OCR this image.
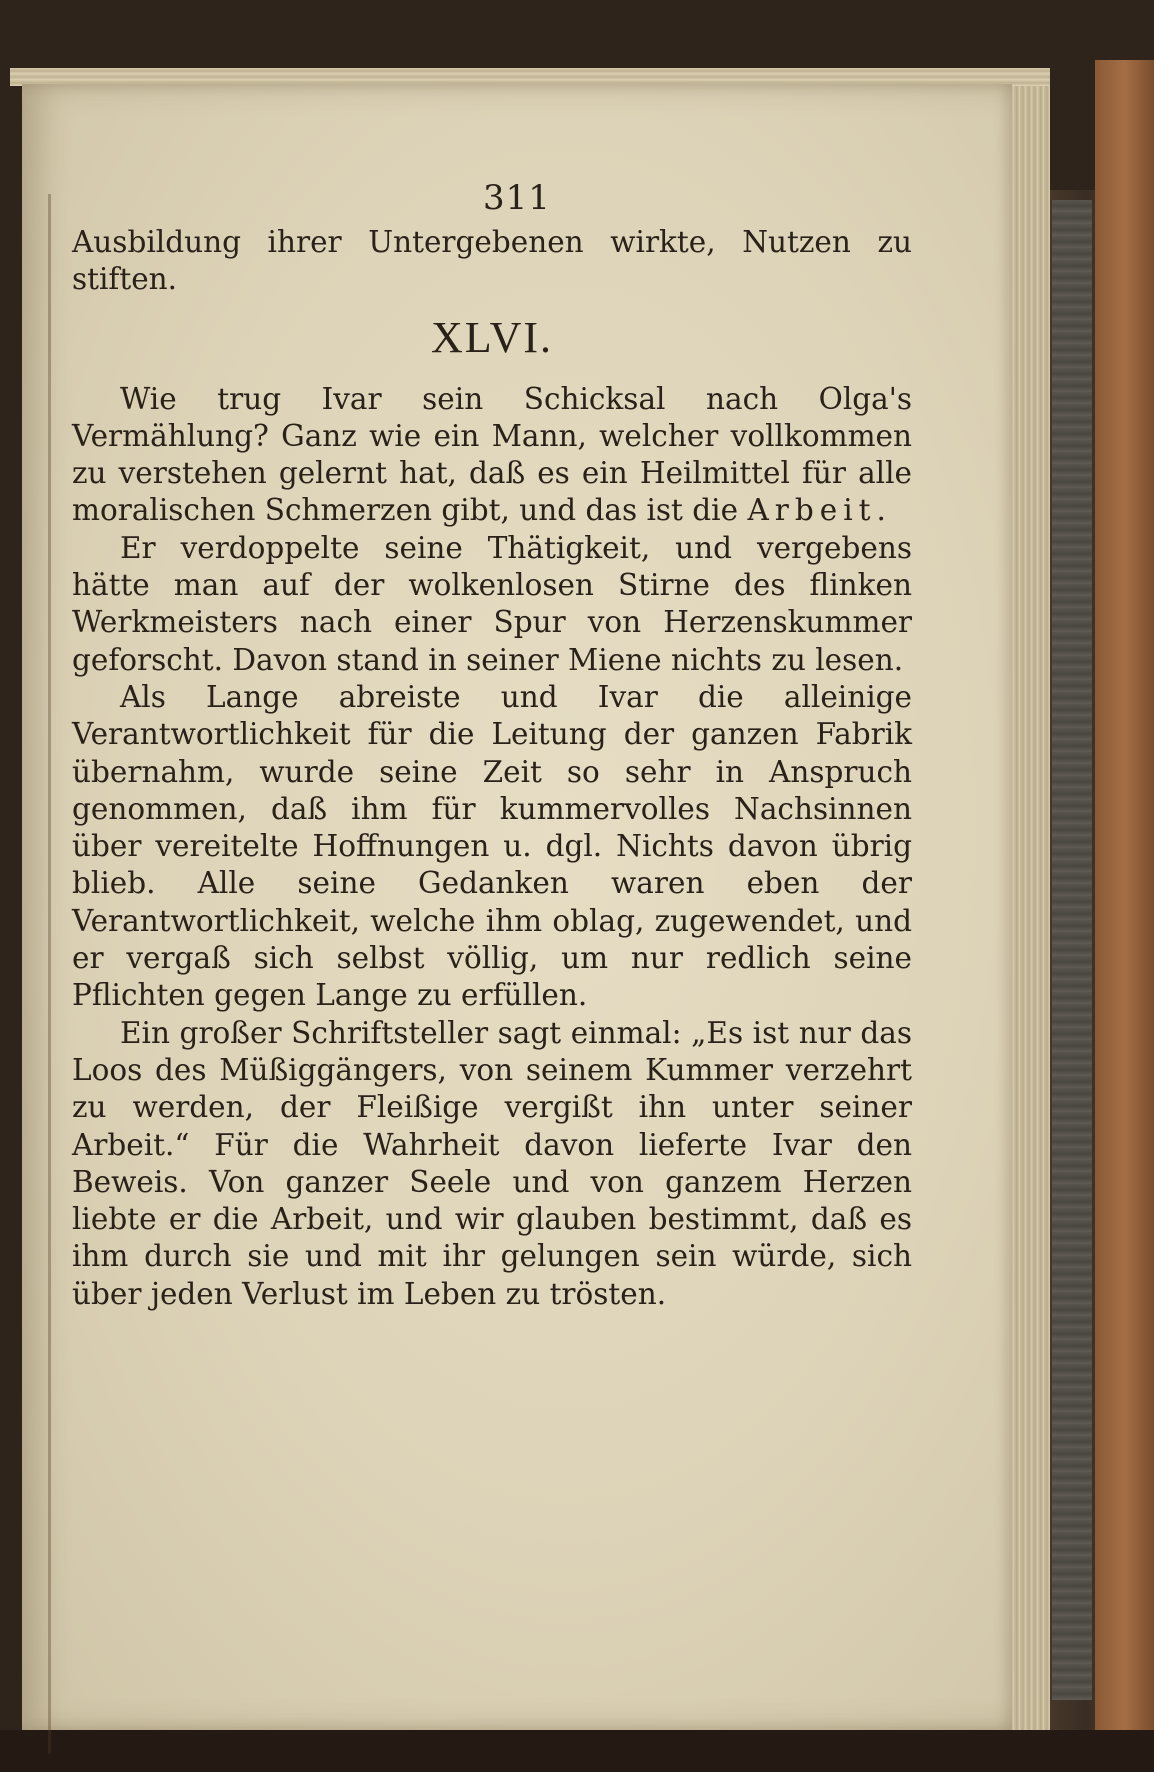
311

Ausbildung ihrer Untergebenen wirkte, Nutzen zu stiften.

XLVI.

Wie trug Ivar sein Schicksal nach Olga's Vermählung? Ganz wie ein Mann, welcher vollkommen zu verstehen gelernt hat, daß es ein Heilmittel für alle moralischen Schmerzen gibt, und das ist die Arbeit.

Er verdoppelte seine Thätigkeit, und vergebens hätte man auf der wolkenlosen Stirne des flinken Werkmeisters nach einer Spur von Herzenskummer geforscht. Davon stand in seiner Miene nichts zu lesen.

Als Lange abreiste und Ivar die alleinige Verantwortlichkeit für die Leitung der ganzen Fabrik übernahm, wurde seine Zeit so sehr in Anspruch genommen, daß ihm für kummervolles Nachsinnen über vereitelte Hoffnungen u. dgl. Nichts davon übrig blieb. Alle seine Gedanken waren eben der Verantwortlichkeit, welche ihm oblag, zugewendet, und er vergaß sich selbst völlig, um nur redlich seine Pflichten gegen Lange zu erfüllen.

Ein großer Schriftsteller sagt einmal: „Es ist nur das Loos des Müßiggängers, von seinem Kummer verzehrt zu werden, der Fleißige vergißt ihn unter seiner Arbeit.“ Für die Wahrheit davon lieferte Ivar den Beweis. Von ganzer Seele und von ganzem Herzen liebte er die Arbeit, und wir glauben bestimmt, daß es ihm durch sie und mit ihr gelungen sein würde, sich über jeden Verlust im Leben zu trösten.
